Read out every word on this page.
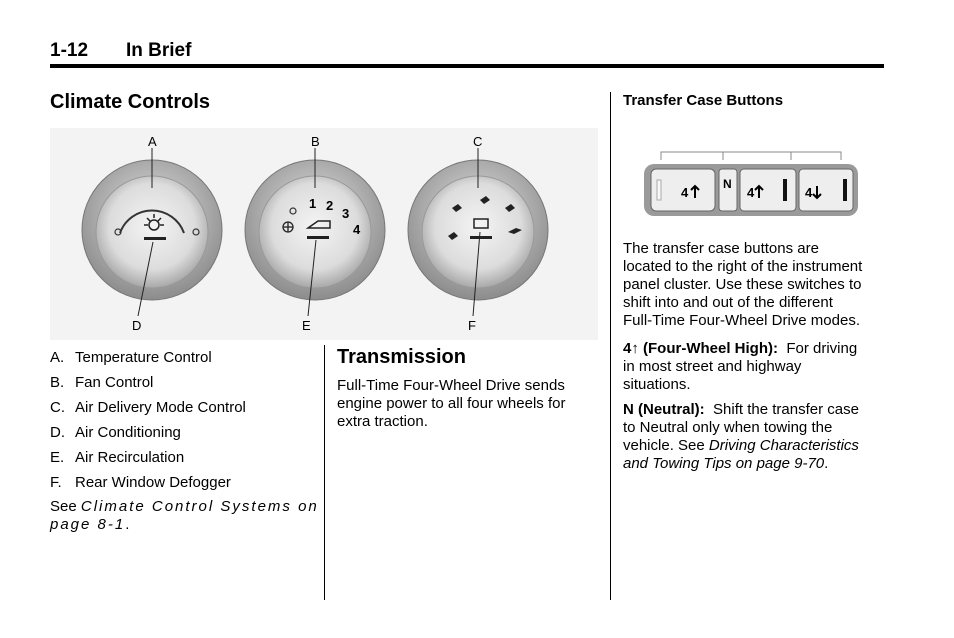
1-12 In Brief
Climate Controls
1 2
3
4
A	B	C
D	E	F
A. Temperature Control
B. Fan Control
C. Air Delivery Mode Control
D. Air Conditioning
E. Air Recirculation
F. Rear Window Defogger
See Climate Control Systems on
page 8-1.
Transmission
Full-Time Four-Wheel Drive sends
engine power to all four wheels for
extra traction.
Transfer Case Buttons
4
N
4	4
The transfer case buttons are
located to the right of the instrument
panel cluster. Use these switches to
shift into and out of the different
Full-Time Four-Wheel Drive modes.
4↑ (Four-Wheel High): For driving
in most street and highway
situations.
N (Neutral): Shift the transfer case
to Neutral only when towing the
vehicle. See Driving Characteristics
and Towing Tips on page 9-70.
